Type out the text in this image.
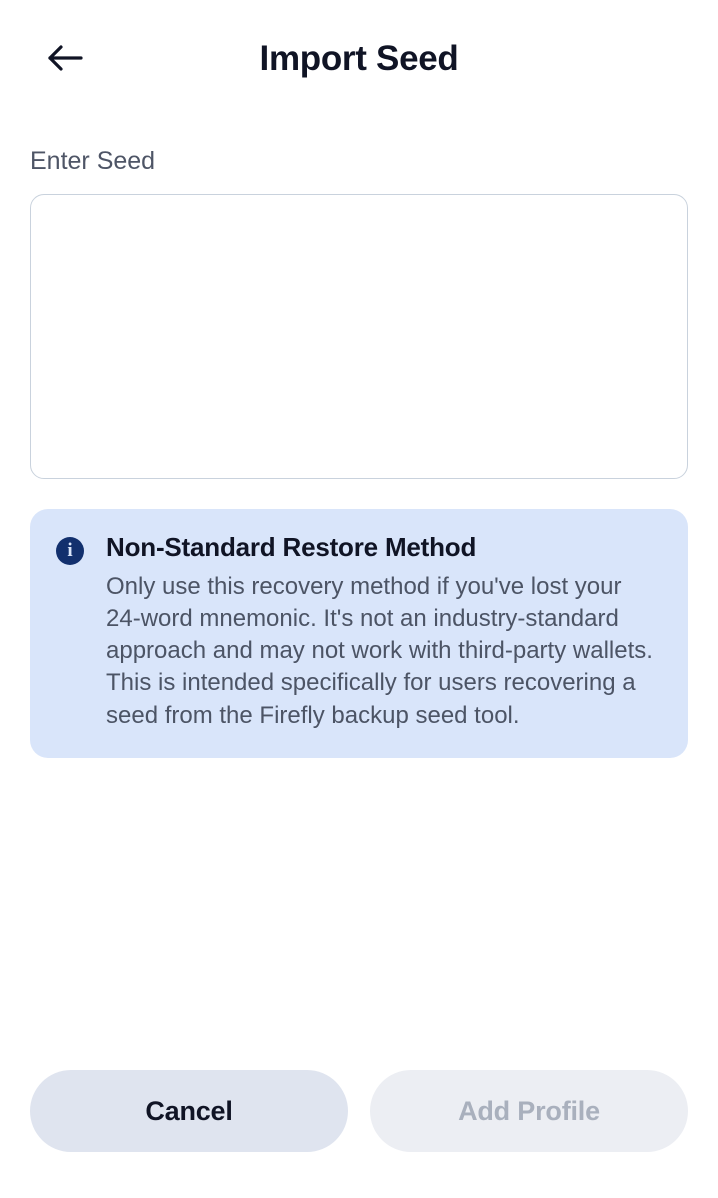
Import Seed
Enter Seed
i	Non-Standard Restore Method
Only use this recovery method if you've lost your 24-word mnemonic. It's not an industry-standard approach and may not work with third-party wallets. This is intended specifically for users recovering a seed from the Firefly backup seed tool.
Cancel	Add Profile
